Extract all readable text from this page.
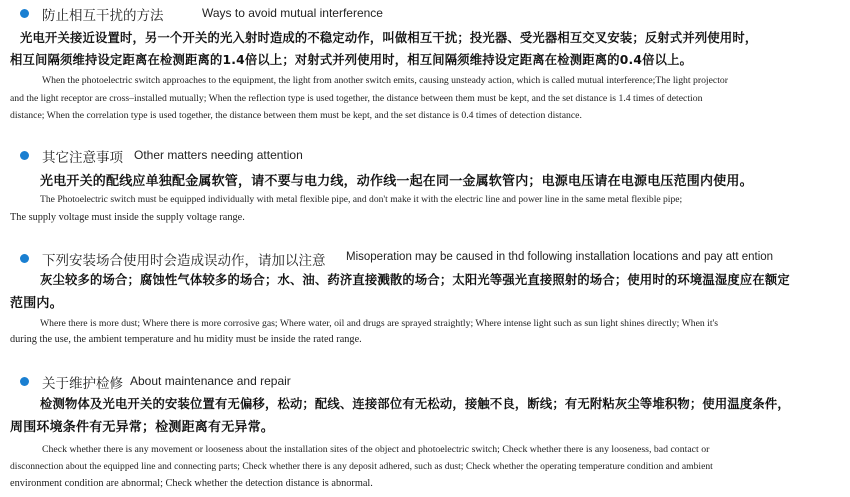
防止相互干扰的方法	Ways to avoid mutual interference
光电开关接近设置时，另一个开关的光入射时造成的不稳定动作，叫做相互干扰；投光器、受光器相互交叉安装；反射式并列使用时，
相互间隔须维持设定距离在检测距离的1.4倍以上；对射式并列使用时，相互间隔须维持设定距离在检测距离的0.4倍以上。
When the photoelectric switch approaches to the equipment, the light from another switch emits, causing unsteady action, which is called mutual interference;The light projector
and the light receptor are cross–installed mutually; When the reflection type is used together, the distance between them must be kept, and the set distance is 1.4 times of detection
distance; When the correlation type is used together, the distance between them must be kept, and the set distance is 0.4 times of detection distance.
其它注意事项 Other matters needing attention
光电开关的配线应单独配金属软管，请不要与电力线，动作线一起在同一金属软管内；电源电压请在电源电压范围内使用。
The Photoelectric switch must be equipped individually with metal flexible pipe, and don't make it with the electric line and power line in the same metal flexible pipe;
The supply voltage must inside the supply voltage range.
下列安装场合使用时会造成误动作，请加以注意 Misoperation may be caused in thd following installation locations and pay att ention
灰尘较多的场合；腐蚀性气体较多的场合；水、油、药济直接溅散的场合；太阳光等强光直接照射的场合；使用时的环境温湿度应在额定
范围内。
Where there is more dust; Where there is more corrosive gas; Where water, oil and drugs are sprayed straightly; Where intense light such as sun light shines directly; When it's
during the use, the ambient temperature and hu midity must be inside the rated range.
关于维护检修 About maintenance and repair
检测物体及光电开关的安装位置有无偏移，松动；配线、连接部位有无松动，接触不良，断线；有无附粘灰尘等堆积物；使用温度条件，
周围环境条件有无异常；检测距离有无异常。
Check whether there is any movement or looseness about the installation sites of the object and photoelectric switch; Check whether there is any looseness, bad contact or
disconnection about the equipped line and connecting parts; Check whether there is any deposit adhered, such as dust; Check whether the operating temperature condition and ambient
environment condition are abnormal; Check whether the detection distance is abnormal.
